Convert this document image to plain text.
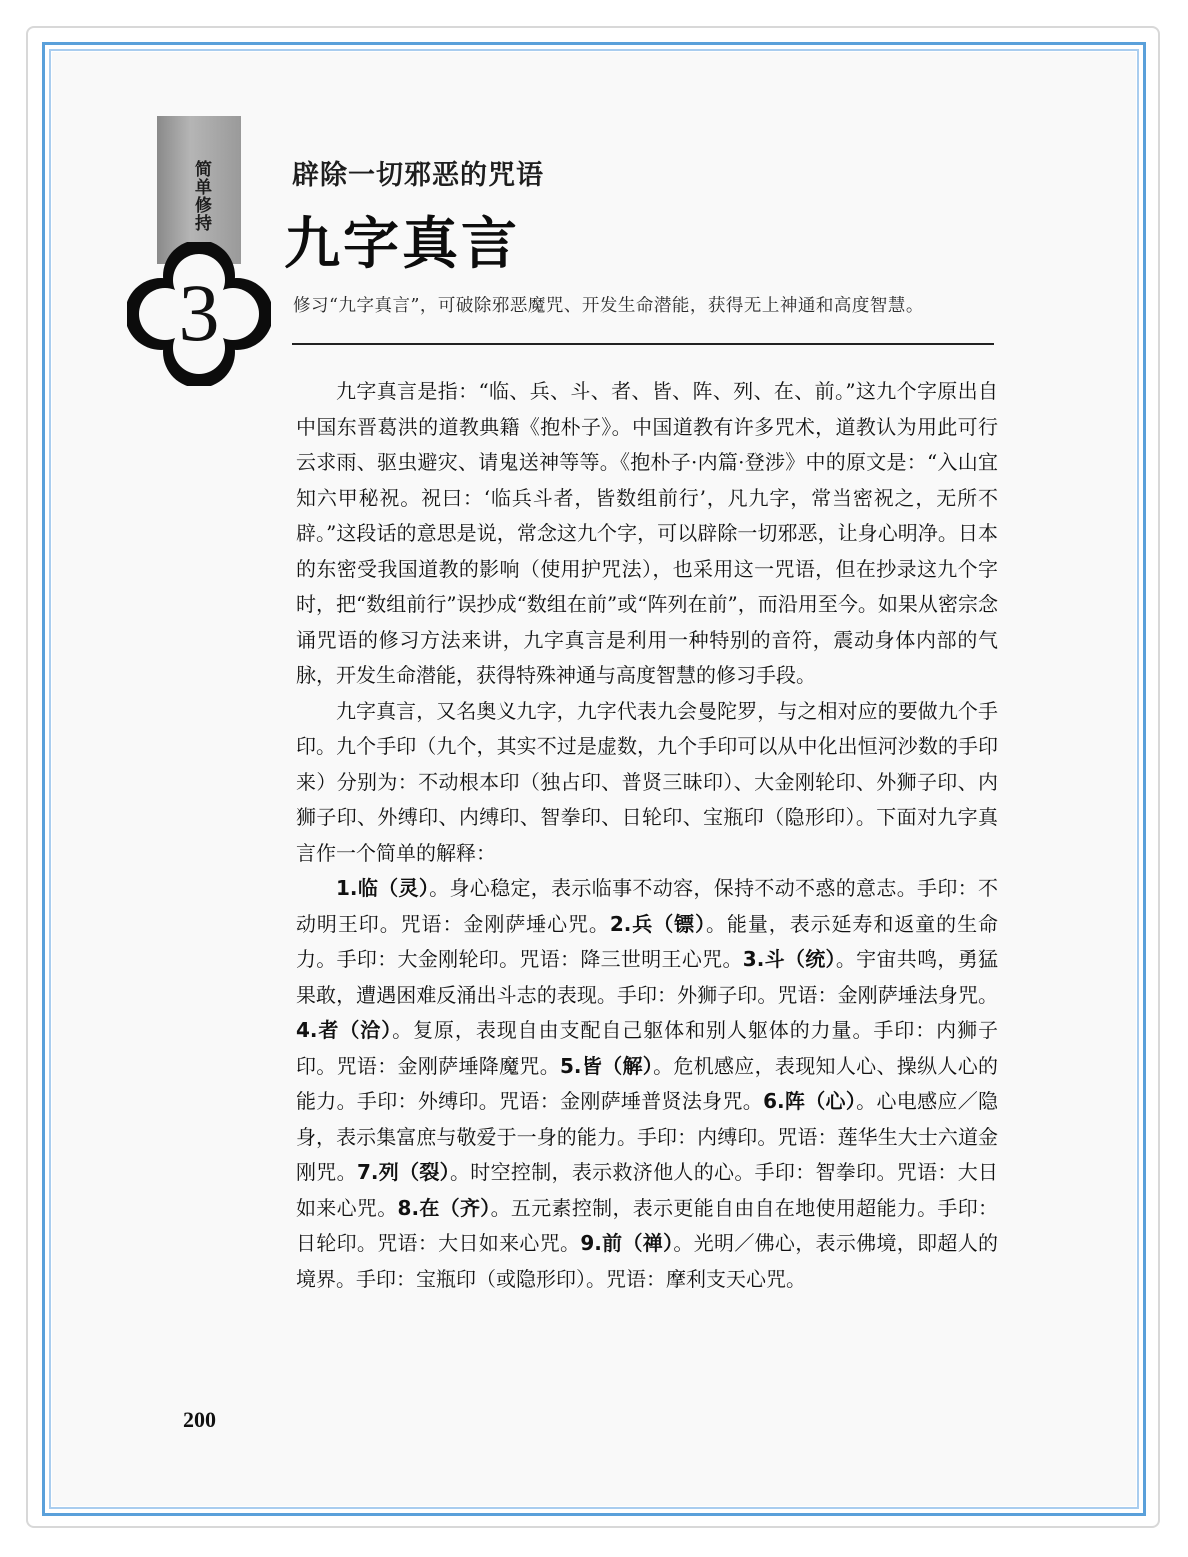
简单修持
3
辟除一切邪恶的咒语
九字真言
修习“九字真言”，可破除邪恶魔咒、开发生命潜能，获得无上神通和高度智慧。

九字真言是指：“临、兵、斗、者、皆、阵、列、在、前。”这九个字原出自中国东晋葛洪的道教典籍《抱朴子》。中国道教有许多咒术，道教认为用此可行云求雨、驱虫避灾、请鬼送神等等。《抱朴子·内篇·登涉》中的原文是：“入山宜知六甲秘祝。祝曰：‘临兵斗者，皆数组前行’，凡九字，常当密祝之，无所不辟。”这段话的意思是说，常念这九个字，可以辟除一切邪恶，让身心明净。日本的东密受我国道教的影响（使用护咒法），也采用这一咒语，但在抄录这九个字时，把“数组前行”误抄成“数组在前”或“阵列在前”，而沿用至今。如果从密宗念诵咒语的修习方法来讲，九字真言是利用一种特别的音符，震动身体内部的气脉，开发生命潜能，获得特殊神通与高度智慧的修习手段。

九字真言，又名奥义九字，九字代表九会曼陀罗，与之相对应的要做九个手印。九个手印（九个，其实不过是虚数，九个手印可以从中化出恒河沙数的手印来）分别为：不动根本印（独占印、普贤三昧印）、大金刚轮印、外狮子印、内狮子印、外缚印、内缚印、智拳印、日轮印、宝瓶印（隐形印）。下面对九字真言作一个简单的解释：

1.临（灵）。身心稳定，表示临事不动容，保持不动不惑的意志。手印：不动明王印。咒语：金刚萨埵心咒。2.兵（镖）。能量，表示延寿和返童的生命力。手印：大金刚轮印。咒语：降三世明王心咒。3.斗（统）。宇宙共鸣，勇猛果敢，遭遇困难反涌出斗志的表现。手印：外狮子印。咒语：金刚萨埵法身咒。4.者（洽）。复原，表现自由支配自己躯体和别人躯体的力量。手印：内狮子印。咒语：金刚萨埵降魔咒。5.皆（解）。危机感应，表现知人心、操纵人心的能力。手印：外缚印。咒语：金刚萨埵普贤法身咒。6.阵（心）。心电感应／隐身，表示集富庶与敬爱于一身的能力。手印：内缚印。咒语：莲华生大士六道金刚咒。7.列（裂）。时空控制，表示救济他人的心。手印：智拳印。咒语：大日如来心咒。8.在（齐）。五元素控制，表示更能自由自在地使用超能力。手印：日轮印。咒语：大日如来心咒。9.前（禅）。光明／佛心，表示佛境，即超人的境界。手印：宝瓶印（或隐形印）。咒语：摩利支天心咒。

200
